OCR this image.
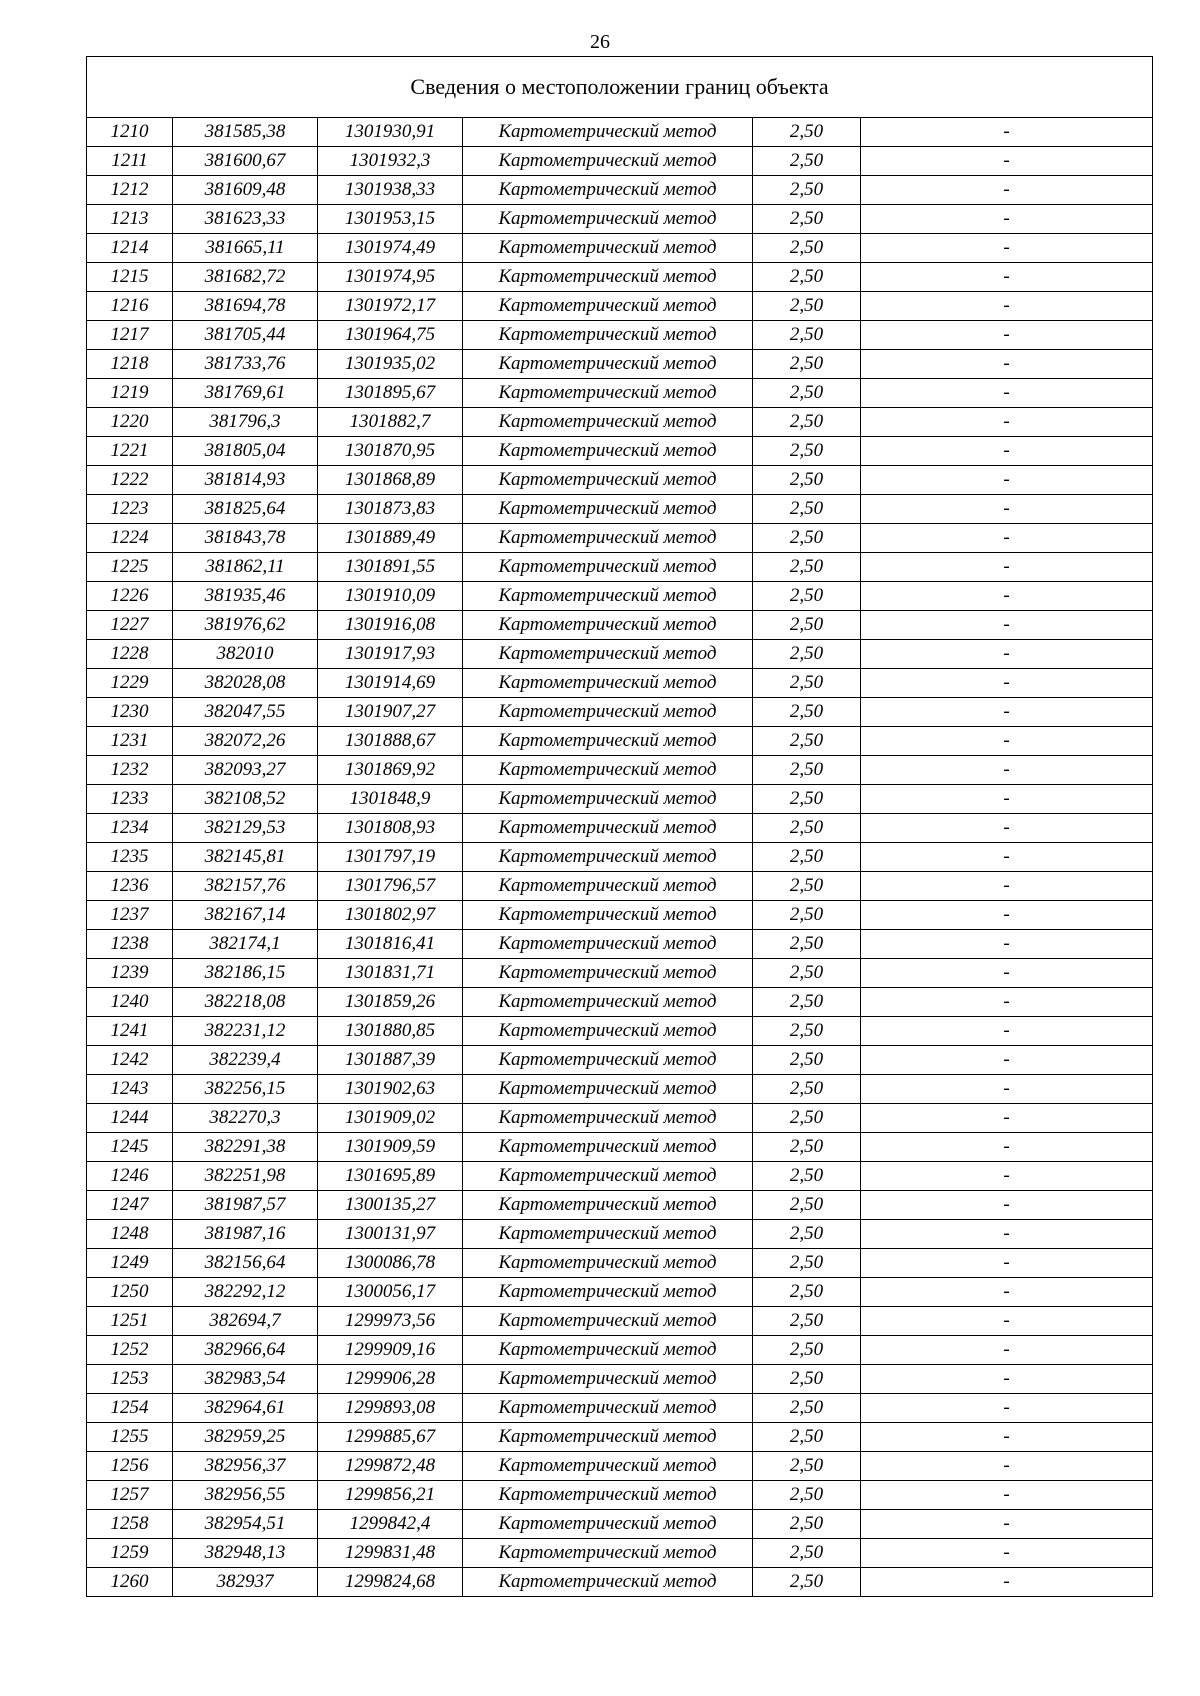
26
Сведения о местоположении границ объекта					
1210	381585,38	1301930,91	Картометрический метод	2,50	-
1211	381600,67	1301932,3	Картометрический метод	2,50	-
1212	381609,48	1301938,33	Картометрический метод	2,50	-
1213	381623,33	1301953,15	Картометрический метод	2,50	-
1214	381665,11	1301974,49	Картометрический метод	2,50	-
1215	381682,72	1301974,95	Картометрический метод	2,50	-
1216	381694,78	1301972,17	Картометрический метод	2,50	-
1217	381705,44	1301964,75	Картометрический метод	2,50	-
1218	381733,76	1301935,02	Картометрический метод	2,50	-
1219	381769,61	1301895,67	Картометрический метод	2,50	-
1220	381796,3	1301882,7	Картометрический метод	2,50	-
1221	381805,04	1301870,95	Картометрический метод	2,50	-
1222	381814,93	1301868,89	Картометрический метод	2,50	-
1223	381825,64	1301873,83	Картометрический метод	2,50	-
1224	381843,78	1301889,49	Картометрический метод	2,50	-
1225	381862,11	1301891,55	Картометрический метод	2,50	-
1226	381935,46	1301910,09	Картометрический метод	2,50	-
1227	381976,62	1301916,08	Картометрический метод	2,50	-
1228	382010	1301917,93	Картометрический метод	2,50	-
1229	382028,08	1301914,69	Картометрический метод	2,50	-
1230	382047,55	1301907,27	Картометрический метод	2,50	-
1231	382072,26	1301888,67	Картометрический метод	2,50	-
1232	382093,27	1301869,92	Картометрический метод	2,50	-
1233	382108,52	1301848,9	Картометрический метод	2,50	-
1234	382129,53	1301808,93	Картометрический метод	2,50	-
1235	382145,81	1301797,19	Картометрический метод	2,50	-
1236	382157,76	1301796,57	Картометрический метод	2,50	-
1237	382167,14	1301802,97	Картометрический метод	2,50	-
1238	382174,1	1301816,41	Картометрический метод	2,50	-
1239	382186,15	1301831,71	Картометрический метод	2,50	-
1240	382218,08	1301859,26	Картометрический метод	2,50	-
1241	382231,12	1301880,85	Картометрический метод	2,50	-
1242	382239,4	1301887,39	Картометрический метод	2,50	-
1243	382256,15	1301902,63	Картометрический метод	2,50	-
1244	382270,3	1301909,02	Картометрический метод	2,50	-
1245	382291,38	1301909,59	Картометрический метод	2,50	-
1246	382251,98	1301695,89	Картометрический метод	2,50	-
1247	381987,57	1300135,27	Картометрический метод	2,50	-
1248	381987,16	1300131,97	Картометрический метод	2,50	-
1249	382156,64	1300086,78	Картометрический метод	2,50	-
1250	382292,12	1300056,17	Картометрический метод	2,50	-
1251	382694,7	1299973,56	Картометрический метод	2,50	-
1252	382966,64	1299909,16	Картометрический метод	2,50	-
1253	382983,54	1299906,28	Картометрический метод	2,50	-
1254	382964,61	1299893,08	Картометрический метод	2,50	-
1255	382959,25	1299885,67	Картометрический метод	2,50	-
1256	382956,37	1299872,48	Картометрический метод	2,50	-
1257	382956,55	1299856,21	Картометрический метод	2,50	-
1258	382954,51	1299842,4	Картометрический метод	2,50	-
1259	382948,13	1299831,48	Картометрический метод	2,50	-
1260	382937	1299824,68	Картометрический метод	2,50	-
